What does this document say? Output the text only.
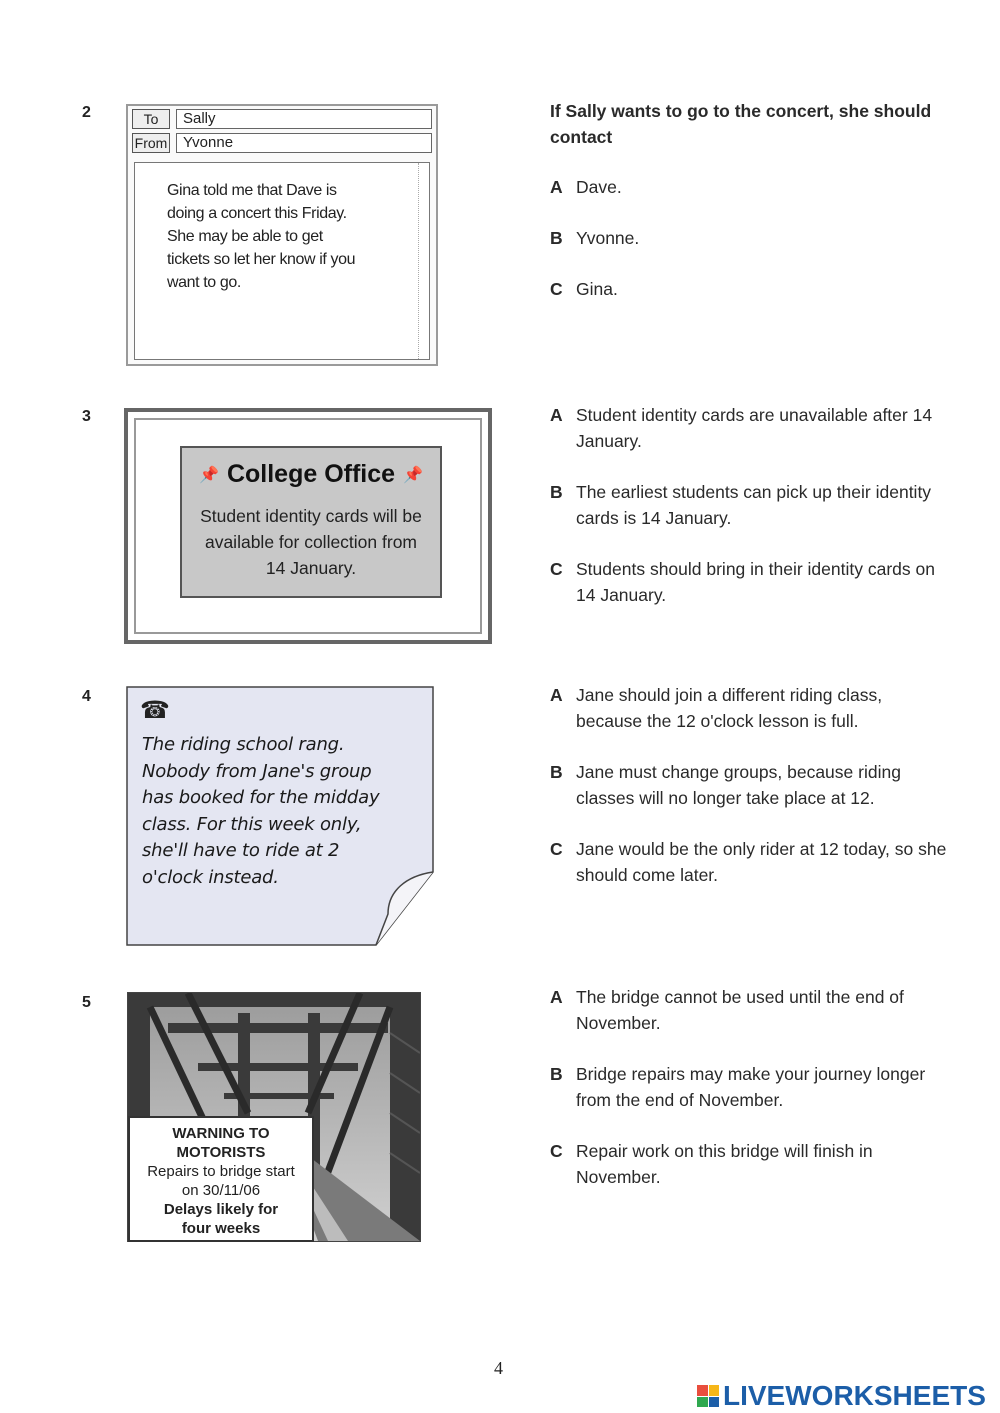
2	To	Sally
From	Yvonne

Gina told me that Dave is

doing a concert this Friday.

She may be able to get

tickets so let her know if you

want to go.

If Sally wants to go to the concert, she should contact
A Dave.
B Yvonne.
C Gina.
3
📌 College Office 📌
Student identity cards will be
available for collection from
14 January.
A Student identity cards are unavailable after 14 January.
B The earliest students can pick up their identity cards is 14 January.
C Students should bring in their identity cards on 14 January.
4
☎
The riding school rang.
Nobody from Jane's group
has booked for the midday
class. For this week only,
she'll have to ride at 2
o'clock instead.
A Jane should join a different riding class, because the 12 o'clock lesson is full.
B Jane must change groups, because riding classes will no longer take place at 12.
C Jane would be the only rider at 12 today, so she should come later.
5
WARNING TO
MOTORISTS
Repairs to bridge start
on 30/11/06
Delays likely for
four weeks
A The bridge cannot be used until the end of November.
B Bridge repairs may make your journey longer from the end of November.
C Repair work on this bridge will finish in November.
4
LIVEWORKSHEETS
